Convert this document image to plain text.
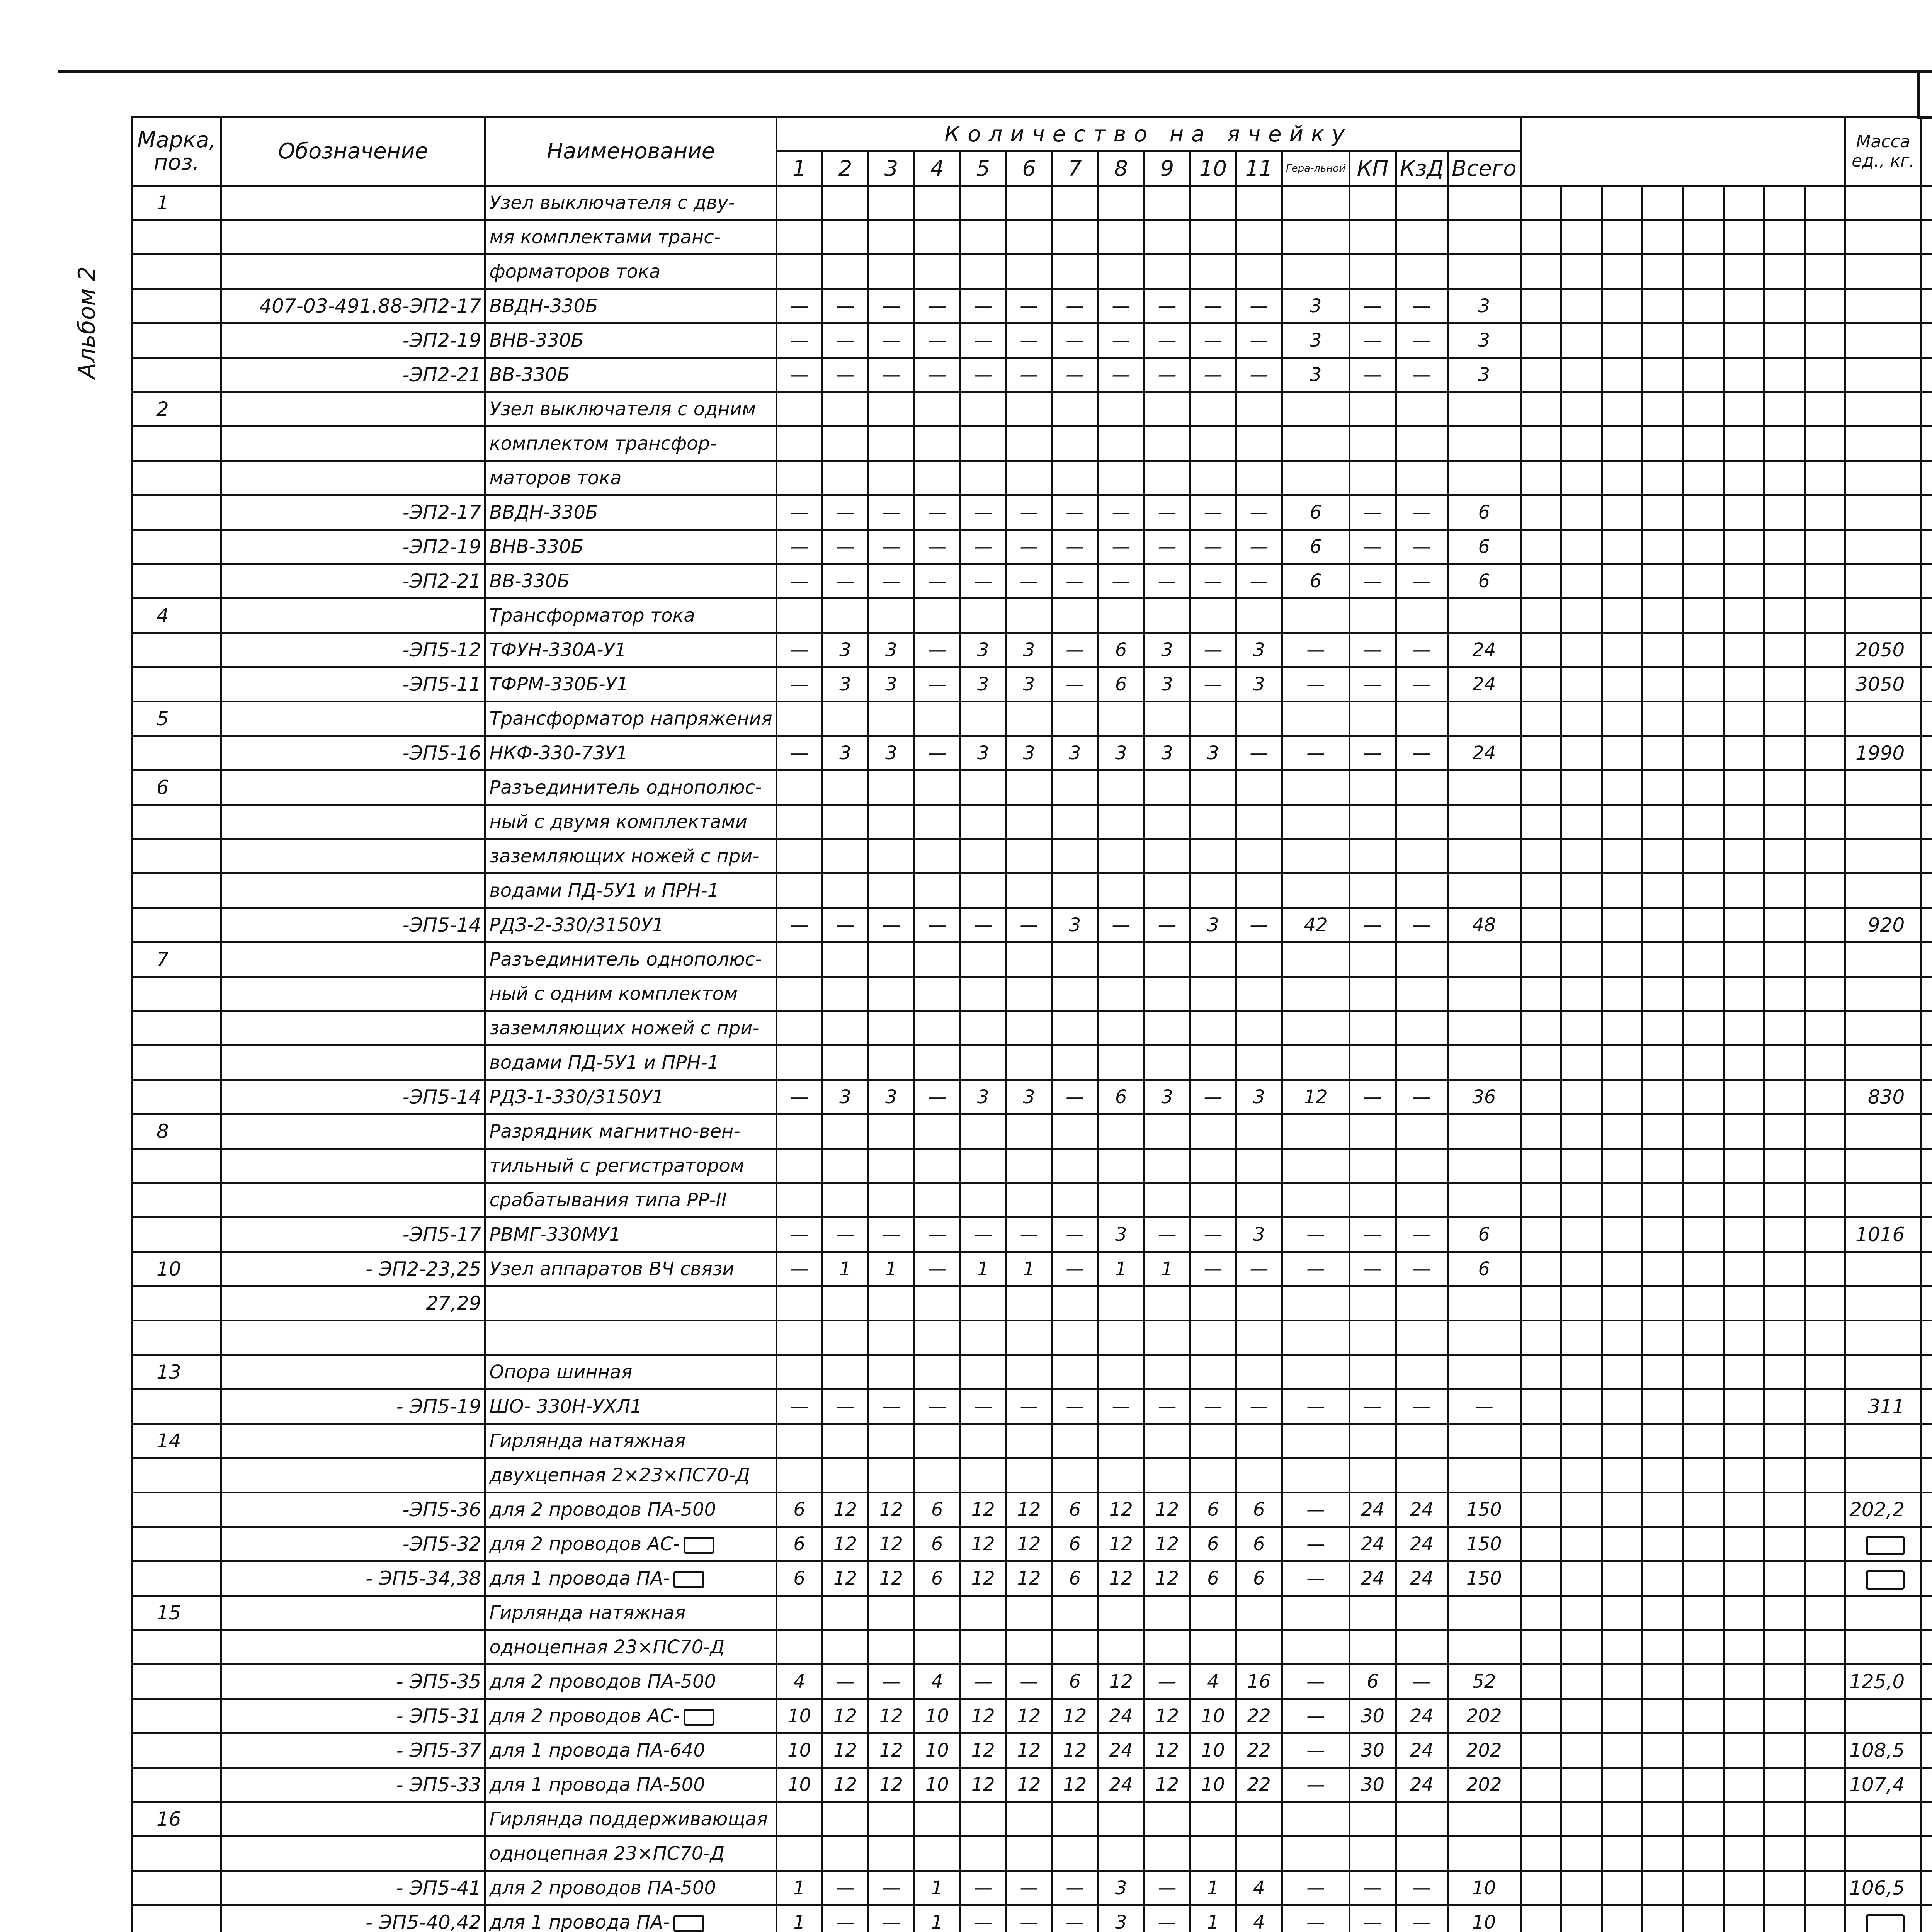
Альбом 2
Марка, поз.	Обозначение	Наименование	Количество на ячейку																							Масса ед., кг.	
			1	2	3	4	5	6	7	8	9	10	11	Гера-льной	КП	КзД	Всего										
1		Узел выключателя с дву-																									
		мя комплектами транс-																									
		форматоров тока																									
	407-03-491.88-ЭП2-17	ВВДН-330Б	—	—	—	—	—	—	—	—	—	—	—	3	—	—	3										
	-ЭП2-19	ВНВ-330Б	—	—	—	—	—	—	—	—	—	—	—	3	—	—	3										
	-ЭП2-21	ВВ-330Б	—	—	—	—	—	—	—	—	—	—	—	3	—	—	3										
2		Узел выключателя с одним																									
		комплектом трансфор-																									
		маторов тока																									
	-ЭП2-17	ВВДН-330Б	—	—	—	—	—	—	—	—	—	—	—	6	—	—	6										
	-ЭП2-19	ВНВ-330Б	—	—	—	—	—	—	—	—	—	—	—	6	—	—	6										
	-ЭП2-21	ВВ-330Б	—	—	—	—	—	—	—	—	—	—	—	6	—	—	6										
4		Трансформатор тока																									
	-ЭП5-12	ТФУН-330А-У1	—	3	3	—	3	3	—	6	3	—	3	—	—	—	24									2050	
	-ЭП5-11	ТФРМ-330Б-У1	—	3	3	—	3	3	—	6	3	—	3	—	—	—	24									3050	
5		Трансформатор напряжения																									
	-ЭП5-16	НКФ-330-73У1	—	3	3	—	3	3	3	3	3	3	—	—	—	—	24									1990	
6		Разъединитель однополюс-																									
		ный с двумя комплектами																									
		заземляющих ножей с при-																									
		водами ПД-5У1 и ПРН-1																									
	-ЭП5-14	РДЗ-2-330/3150У1	—	—	—	—	—	—	3	—	—	3	—	42	—	—	48									920	
7		Разъединитель однополюс-																									
		ный с одним комплектом																									
		заземляющих ножей с при-																									
		водами ПД-5У1 и ПРН-1																									
	-ЭП5-14	РДЗ-1-330/3150У1	—	3	3	—	3	3	—	6	3	—	3	12	—	—	36									830	
8		Разрядник магнитно-вен-																									
		тильный с регистратором																									
		срабатывания типа РР-II																									
	-ЭП5-17	РВМГ-330МУ1	—	—	—	—	—	—	—	3	—	—	3	—	—	—	6									1016	
10	- ЭП2-23,25	Узел аппаратов ВЧ связи	—	1	1	—	1	1	—	1	1	—	—	—	—	—	6										
	27,29																										

13		Опора шинная																									
	- ЭП5-19	ШО- 330Н-УХЛ1	—	—	—	—	—	—	—	—	—	—	—	—	—	—	—									311	
14		Гирлянда натяжная																									
		двухцепная 2×23×ПС70-Д																									
	-ЭП5-36	для 2 проводов ПА-500	6	12	12	6	12	12	6	12	12	6	6	—	24	24	150									202,2	
	-ЭП5-32	для 2 проводов АС-	6	12	12	6	12	12	6	12	12	6	6	—	24	24	150										
	- ЭП5-34,38	для 1 провода ПА-	6	12	12	6	12	12	6	12	12	6	6	—	24	24	150										
15		Гирлянда натяжная																									
		одноцепная 23×ПС70-Д																									
	- ЭП5-35	для 2 проводов ПА-500	4	—	—	4	—	—	6	12	—	4	16	—	6	—	52									125,0	
	- ЭП5-31	для 2 проводов АС-	10	12	12	10	12	12	12	24	12	10	22	—	30	24	202										
	- ЭП5-37	для 1 провода ПА-640	10	12	12	10	12	12	12	24	12	10	22	—	30	24	202									108,5	
	- ЭП5-33	для 1 провода ПА-500	10	12	12	10	12	12	12	24	12	10	22	—	30	24	202									107,4	
16		Гирлянда поддерживающая																									
		одноцепная 23×ПС70-Д																									
	- ЭП5-41	для 2 проводов ПА-500	1	—	—	1	—	—	—	3	—	1	4	—	—	—	10									106,5	
	- ЭП5-40,42	для 1 провода ПА-	1	—	—	1	—	—	—	3	—	1	4	—	—	—	10										
